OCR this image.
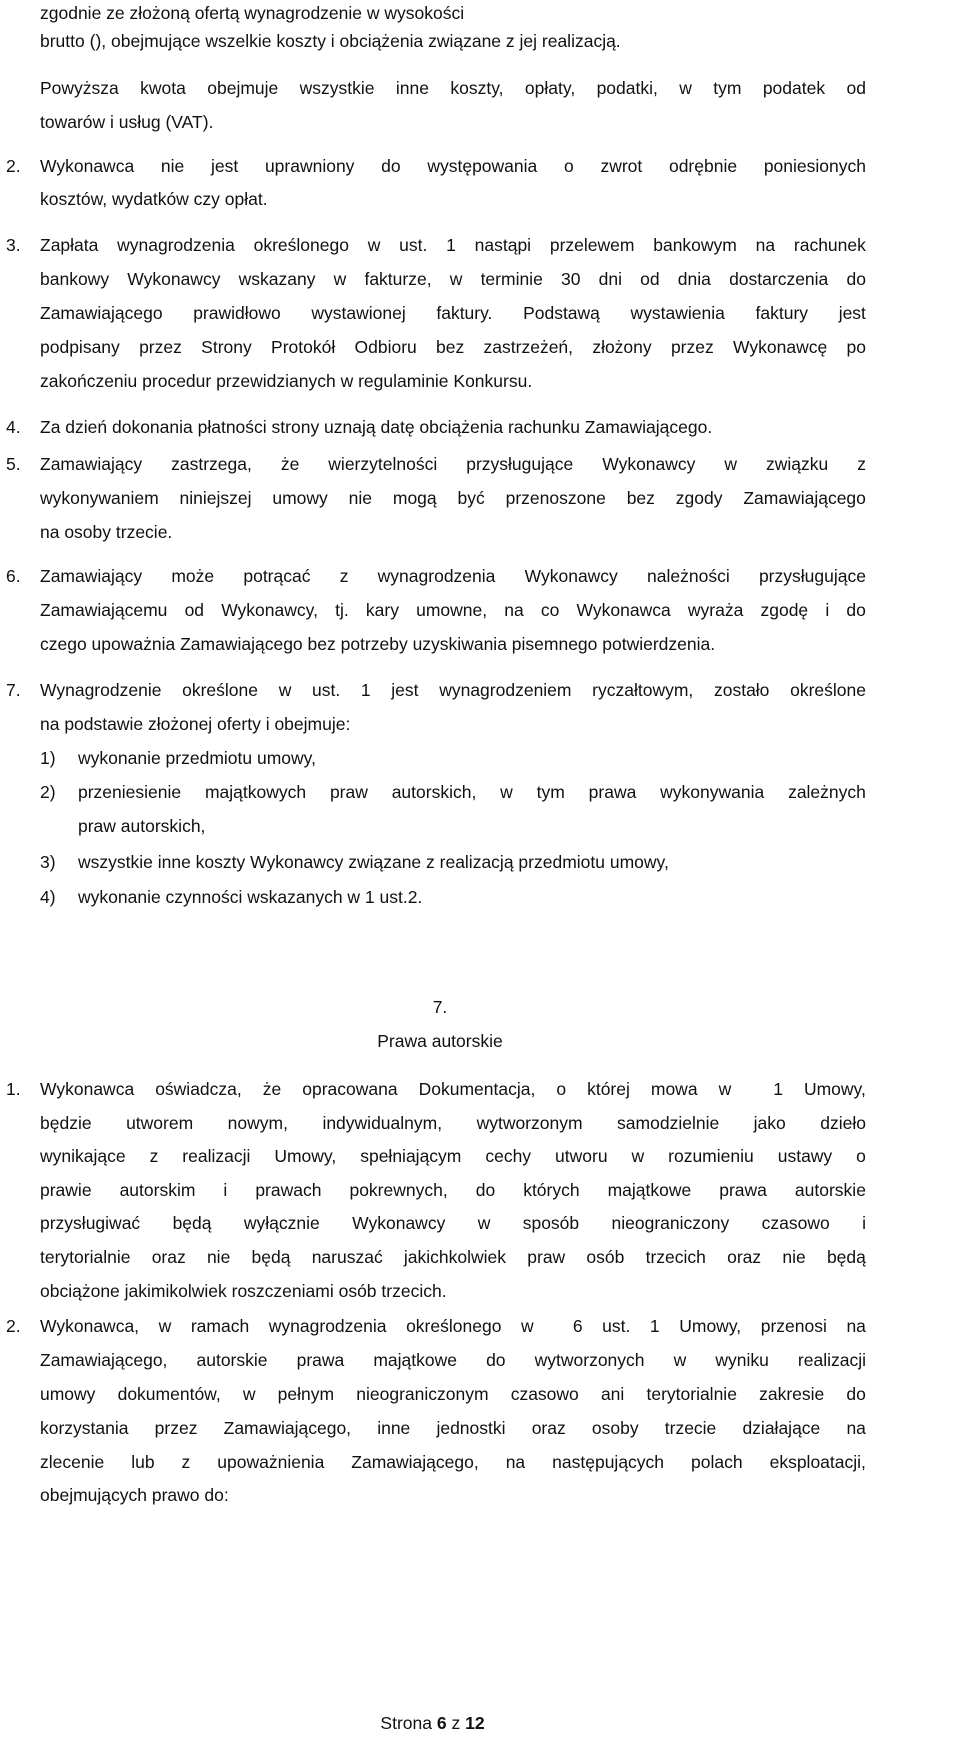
zgodnie ze złożoną ofertą wynagrodzenie w wysokości
brutto (), obejmujące wszelkie koszty i obciążenia związane z jej realizacją.
Powyższa kwota obejmuje wszystkie inne koszty, opłaty, podatki, w tym podatek od
towarów i usług (VAT).
2. Wykonawca nie jest uprawniony do występowania o zwrot odrębnie poniesionych
kosztów, wydatków czy opłat.
3. Zapłata wynagrodzenia określonego w ust. 1 nastąpi przelewem bankowym na rachunek
bankowy Wykonawcy wskazany w fakturze, w terminie 30 dni od dnia dostarczenia do
Zamawiającego prawidłowo wystawionej faktury. Podstawą wystawienia faktury jest
podpisany przez Strony Protokół Odbioru bez zastrzeżeń, złożony przez Wykonawcę po
zakończeniu procedur przewidzianych w regulaminie Konkursu.
4. Za dzień dokonania płatności strony uznają datę obciążenia rachunku Zamawiającego.
5. Zamawiający zastrzega, że wierzytelności przysługujące Wykonawcy w związku z
wykonywaniem niniejszej umowy nie mogą być przenoszone bez zgody Zamawiającego
na osoby trzecie.
6. Zamawiający może potrącać z wynagrodzenia Wykonawcy należności przysługujące
Zamawiającemu od Wykonawcy, tj. kary umowne, na co Wykonawca wyraża zgodę i do
czego upoważnia Zamawiającego bez potrzeby uzyskiwania pisemnego potwierdzenia.
7. Wynagrodzenie określone w ust. 1 jest wynagrodzeniem ryczałtowym, zostało określone
na podstawie złożonej oferty i obejmuje:
1) wykonanie przedmiotu umowy,
2) przeniesienie majątkowych praw autorskich, w tym prawa wykonywania zależnych
praw autorskich,
3) wszystkie inne koszty Wykonawcy związane z realizacją przedmiotu umowy,
4) wykonanie czynności wskazanych w 1 ust.2.
7.
Prawa autorskie
1. Wykonawca oświadcza, że opracowana Dokumentacja, o której mowa w 1 Umowy,
będzie utworem nowym, indywidualnym, wytworzonym samodzielnie jako dzieło
wynikające z realizacji Umowy, spełniającym cechy utworu w rozumieniu ustawy o
prawie autorskim i prawach pokrewnych, do których majątkowe prawa autorskie
przysługiwać będą wyłącznie Wykonawcy w sposób nieograniczony czasowo i
terytorialnie oraz nie będą naruszać jakichkolwiek praw osób trzecich oraz nie będą
obciążone jakimikolwiek roszczeniami osób trzecich.
2. Wykonawca, w ramach wynagrodzenia określonego w 6 ust. 1 Umowy, przenosi na
Zamawiającego, autorskie prawa majątkowe do wytworzonych w wyniku realizacji
umowy dokumentów, w pełnym nieograniczonym czasowo ani terytorialnie zakresie do
korzystania przez Zamawiającego, inne jednostki oraz osoby trzecie działające na
zlecenie lub z upoważnienia Zamawiającego, na następujących polach eksploatacji,
obejmujących prawo do:
Strona 6 z 12
